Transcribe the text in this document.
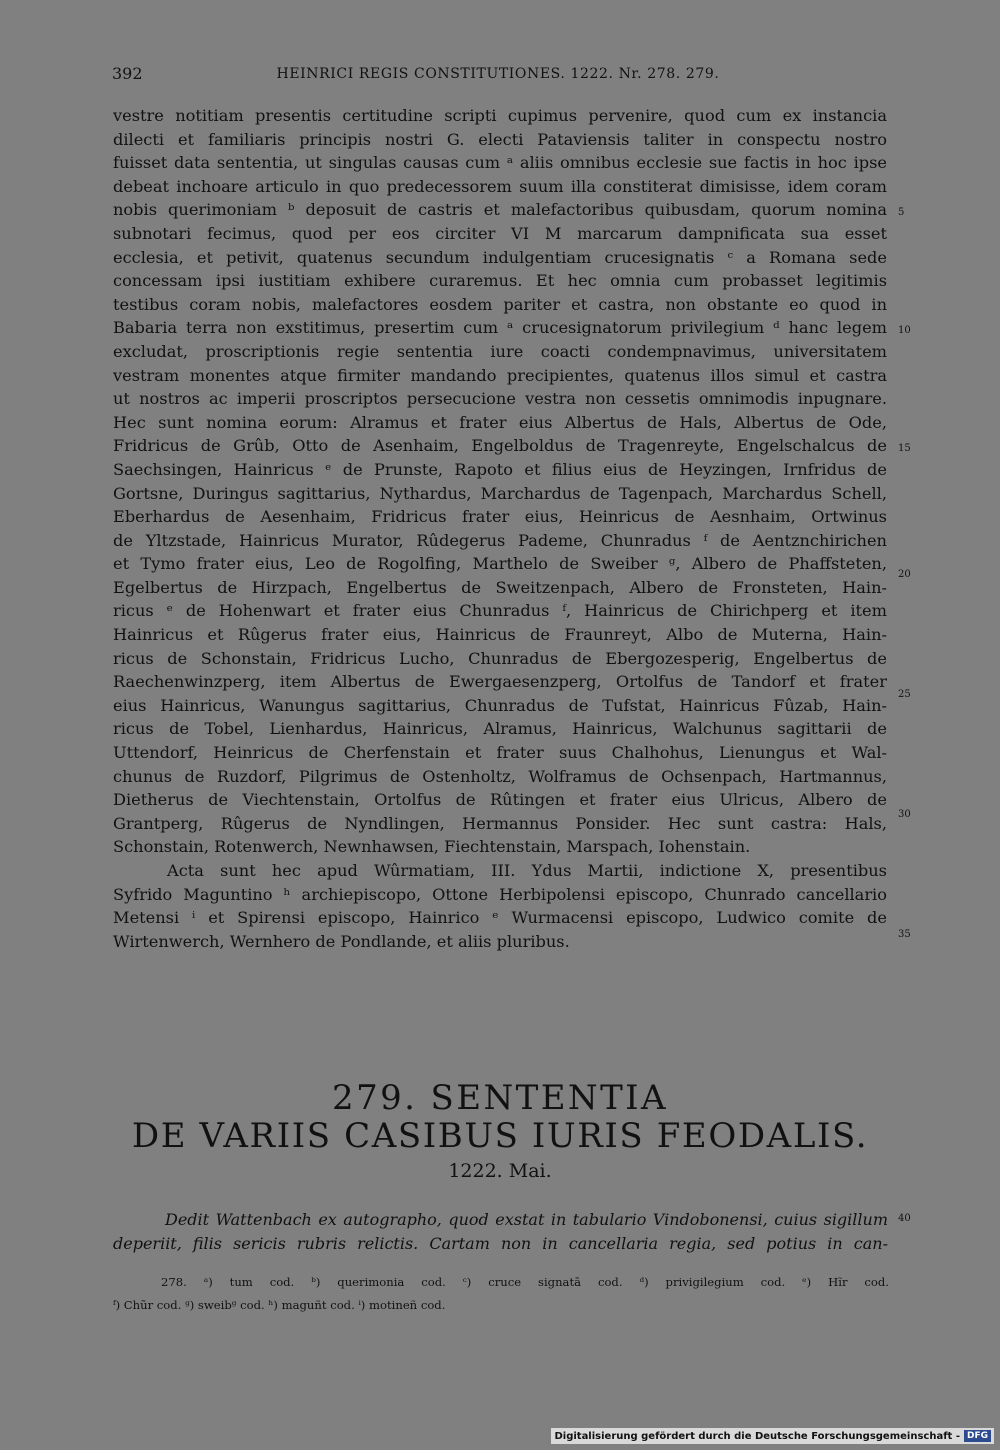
392	HEINRICI REGIS CONSTITUTIONES. 1222. Nr. 278. 279.
vestre notitiam presentis certitudine scripti cupimus pervenire, quod cum ex instancia
dilecti et familiaris principis nostri G. electi Pataviensis taliter in conspectu nostro
fuisset data sententia, ut singulas causas cum ᵃ aliis omnibus ecclesie sue factis in hoc ipse
debeat inchoare articulo in quo predecessorem suum illa constiterat dimisisse, idem coram
nobis querimoniam ᵇ deposuit de castris et malefactoribus quibusdam, quorum nomina
subnotari fecimus, quod per eos circiter VI M marcarum dampnificata sua esset
ecclesia, et petivit, quatenus secundum indulgentiam crucesignatis ᶜ a Romana sede
concessam ipsi iustitiam exhibere curaremus. Et hec omnia cum probasset legitimis
testibus coram nobis, malefactores eosdem pariter et castra, non obstante eo quod in
Babaria terra non exstitimus, presertim cum ᵃ crucesignatorum privilegium ᵈ hanc legem
excludat, proscriptionis regie sententia iure coacti condempnavimus, universitatem
vestram monentes atque firmiter mandando precipientes, quatenus illos simul et castra
ut nostros ac imperii proscriptos persecucione vestra non cessetis omnimodis inpugnare.
Hec sunt nomina eorum: Alramus et frater eius Albertus de Hals, Albertus de Ode,
Fridricus de Grûb, Otto de Asenhaim, Engelboldus de Tragenreyte, Engelschalcus de
Saechsingen, Hainricus ᵉ de Prunste, Rapoto et filius eius de Heyzingen, Irnfridus de
Gortsne, Duringus sagittarius, Nythardus, Marchardus de Tagenpach, Marchardus Schell,
Eberhardus de Aesenhaim, Fridricus frater eius, Heinricus de Aesnhaim, Ortwinus
de Yltzstade, Hainricus Murator, Rûdegerus Pademe, Chunradus ᶠ de Aentznchirichen
et Tymo frater eius, Leo de Rogolfing, Marthelo de Sweiber ᵍ, Albero de Phaffsteten,
Egelbertus de Hirzpach, Engelbertus de Sweitzenpach, Albero de Fronsteten, Hain-
ricus ᵉ de Hohenwart et frater eius Chunradus ᶠ, Hainricus de Chirichperg et item
Hainricus et Rûgerus frater eius, Hainricus de Fraunreyt, Albo de Muterna, Hain-
ricus de Schonstain, Fridricus Lucho, Chunradus de Ebergozesperig, Engelbertus de
Raechenwinzperg, item Albertus de Ewergaesenzperg, Ortolfus de Tandorf et frater
eius Hainricus, Wanungus sagittarius, Chunradus de Tufstat, Hainricus Fûzab, Hain-
ricus de Tobel, Lienhardus, Hainricus, Alramus, Hainricus, Walchunus sagittarii de
Uttendorf, Heinricus de Cherfenstain et frater suus Chalhohus, Lienungus et Wal-
chunus de Ruzdorf, Pilgrimus de Ostenholtz, Wolframus de Ochsenpach, Hartmannus,
Dietherus de Viechtenstain, Ortolfus de Rûtingen et frater eius Ulricus, Albero de
Grantperg, Rûgerus de Nyndlingen, Hermannus Ponsider. Hec sunt castra: Hals,
Schonstain, Rotenwerch, Newnhawsen, Fiechtenstain, Marspach, Iohenstain.
Acta sunt hec apud Wûrmatiam, III. Ydus Martii, indictione X, presentibus
Syfrido Maguntino ʰ archiepiscopo, Ottone Herbipolensi episcopo, Chunrado cancellario
Metensi ⁱ et Spirensi episcopo, Hainrico ᵉ Wurmacensi episcopo, Ludwico comite de
Wirtenwerch, Wernhero de Pondlande, et aliis pluribus.
5
10
15
20
25
30
35
279. SENTENTIA
DE VARIIS CASIBUS IURIS FEODALIS.
1222. Mai.
Dedit Wattenbach ex autographo, quod exstat in tabulario Vindobonensi, cuius sigillum
deperiit, filis sericis rubris relictis. Cartam non in cancellaria regia, sed potius in can-
40
278. ᵃ) tum cod. ᵇ) querimonia cod. ᶜ) cruce signatā cod. ᵈ) privigilegium cod. ᵉ) Hĩr cod.
ᶠ) Chũr cod. ᵍ) sweibᵍ cod. ʰ) maguñt cod. ⁱ) motineñ cod.
Digitalisierung gefördert durch die Deutsche Forschungsgemeinschaft - DFG
